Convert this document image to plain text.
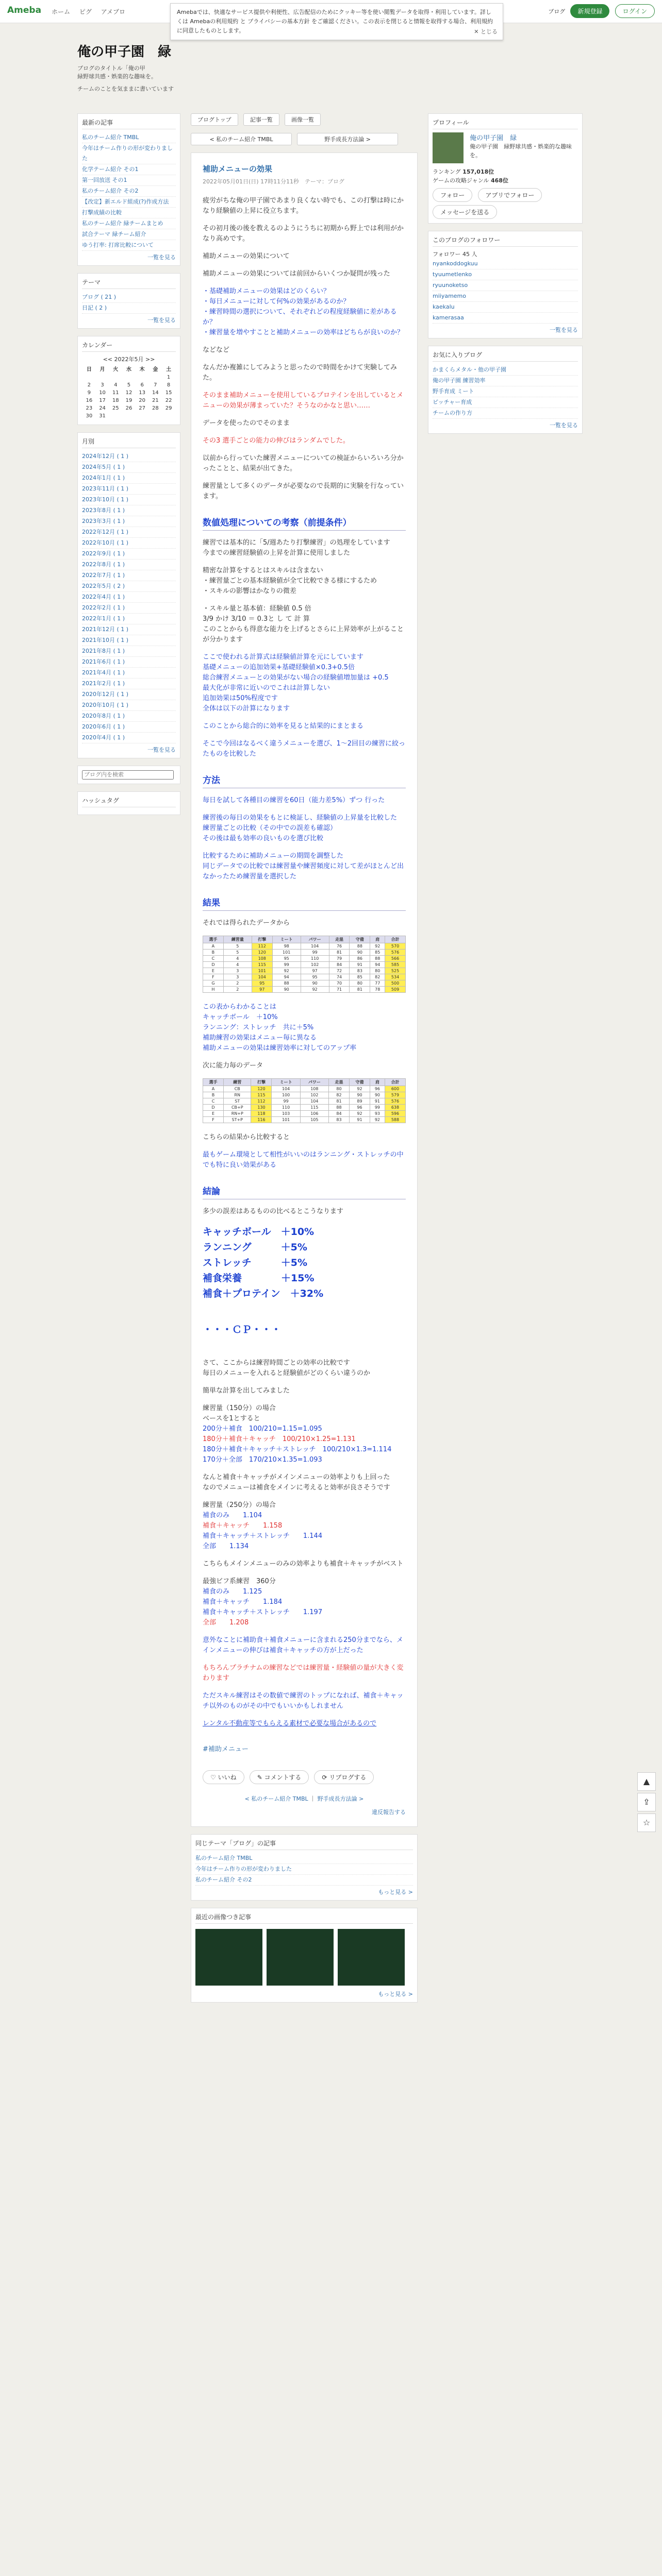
Ameba ホーム ピグ アメブロ	ブログ 新規登録	ログイン
Amebaでは、快適なサービス提供や利便性、広告配信のためにクッキー等を使い閲覧データを取得・利用しています。詳しくは Amebaの利用規約 と プライバシーの基本方針 をご確認ください。この表示を閉じると情報を取得する場合、利用規約に同意したものとします。	✕ とじる
俺の甲子園　緑
ブログのタイトル「俺の甲
緑野球共感・娯楽的な趣味を。
チームのことを気ままに書いています
最新の記事
私のチーム紹介 TMBL
今年はチーム作りの形が変わりました
化学テーム紹介 その1
第一回放送 その1
私のチーム紹介 その2
【改定】新エルド組成(?)作成方法
打撃成績の比較
私のチーム紹介 緑チームまとめ
試合テーマ 緑チーム紹介
ゆう打率: 打席比較について
一覧を見る
テーマ
ブログ ( 21 )
日記 ( 2 )
一覧を見る
カレンダー
<< 2022年5月 >>
日	月	火	水	木	金	土
						1
2	3	4	5	6	7	8
9	10	11	12	13	14	15
16	17	18	19	20	21	22
23	24	25	26	27	28	29
30	31					
月別
2024年12月 ( 1 )
2024年5月 ( 1 )
2024年1月 ( 1 )
2023年11月 ( 1 )
2023年10月 ( 1 )
2023年8月 ( 1 )
2023年3月 ( 1 )
2022年12月 ( 1 )
2022年10月 ( 1 )
2022年9月 ( 1 )
2022年8月 ( 1 )
2022年7月 ( 1 )
2022年5月 ( 2 )
2022年4月 ( 1 )
2022年2月 ( 1 )
2022年1月 ( 1 )
2021年12月 ( 1 )
2021年10月 ( 1 )
2021年8月 ( 1 )
2021年6月 ( 1 )
2021年4月 ( 1 )
2021年2月 ( 1 )
2020年12月 ( 1 )
2020年10月 ( 1 )
2020年8月 ( 1 )
2020年6月 ( 1 )
2020年4月 ( 1 )
一覧を見る
ブログ内を検索
ハッシュタグ
ブログトップ	記事一覧	画像一覧
< 私のチーム紹介 TMBL	野手成長方法論 >
補助メニューの効果
2022年05月01日(日) 17時11分11秒　テーマ：ブログ

疲労がちな俺の甲子園であまり良くない時でも、この打撃は時にかなり経験値の上昇に役立ちます。

その初月後の後を教えるのようにうちに初期から野上では利用がかなり高めです。

補助メニューの効果について

補助メニューの効果については前回からいくつか疑問が残った

・基礎補助メニューの効果はどのくらい？
・毎日メニューに対して何%の効果があるのか？
・練習時間の選択について、それぞれどの程度経験値に差があるか？
・練習量を増やすことと補助メニューの効率はどちらが良いのか？

などなど

なんだか複雑にしてみようと思ったので時間をかけて実験してみた。

そのまま補助メニューを使用しているプロテインを出しているとメニューの効果が薄まっていた？そうなのかなと思い……

データを使ったのでそのまま

その3 選手ごとの能力の伸びはランダムでした。

以前から行っていた練習メニューについての検証からいろいろ分かったことと、結果が出てきた。

練習量として多くのデータが必要なので長期的に実験を行なっています。

数値処理についての考察（前提条件）

練習では基本的に「5/週あたり打撃練習」の処理をしています
今までの練習経験値の上昇を計算に使用しました

精密な計算をするとはスキルは含まない
・練習量ごとの基本経験値が全て比較できる様にするため
・スキルの影響はかなりの微差

・スキル量と基本値：経験値 0.5 倍
3/9 かけ 3/10 ＝ 0.3と し て 計 算
このことからも得意な能力を上げるとさらに上昇効率が上がることが分かります

ここで使われる計算式は経験値計算を元にしています
基礎メニューの追加効果+基礎経験値×0.3+0.5倍
総合練習メニューとの効果がない場合の経験値増加量は +0.5
最大化が非常に近いのでこれは計算しない
追加効果は50%程度です
全体は以下の計算になります

このことから総合的に効率を見ると結果的にまとまる

そこで今回はなるべく違うメニューを選び、1～2回目の練習に絞ったものを比較した

方法

毎日を試して各種目の練習を60日（能力差5%）ずつ 行った

練習後の毎日の効果をもとに検証し、経験値の上昇量を比較した
練習量ごとの比較（その中での誤差も確認）
その後は最も効率の良いものを選び比較

比較するために補助メニューの期間を調整した
同じデータでの比較では練習量や練習頻度に対して差がほとんど出なかったため練習量を選択した

結果

それでは得られたデータから

選手	練習量	打撃	ミート	パワー	走塁	守備	肩	合計
A	5	112	98	104	76	88	92	570
B	5	120	101	99	81	90	85	576
C	4	108	95	110	79	86	88	566
D	4	115	99	102	84	91	94	585
E	3	101	92	97	72	83	80	525
F	3	104	94	95	74	85	82	534
G	2	95	88	90	70	80	77	500
H	2	97	90	92	71	81	78	509

この表からわかることは
キャッチボール　＋10%
ランニング：ストレッチ　共に＋5%
補助練習の効果はメニュー毎に異なる
補助メニューの効果は練習効率に対してのアップ率

次に能力毎のデータ

選手	練習	打撃	ミート	パワー	走塁	守備	肩	合計
A	CB	120	104	108	80	92	96	600
B	RN	115	100	102	82	90	90	579
C	ST	112	99	104	81	89	91	576
D	CB+P	130	110	115	88	96	99	638
E	RN+P	118	103	106	84	92	93	596
F	ST+P	116	101	105	83	91	92	588

こちらの結果から比較すると

最もゲーム環境として相性がいいのはランニング・ストレッチの中でも特に良い効果がある

結論

多少の誤差はあるものの比べるとこうなります

キャッチボール　＋10%
ランニング　　　＋5%
ストレッチ　　　＋5%
補食栄養　　　　＋15%
補食＋プロテイン　＋32%
・・・ＣＰ・・・

さて、ここからは練習時間ごとの効率の比較です
毎日のメニューを入れると経験値がどのくらい違うのか

簡単な計算を出してみました

練習量（150分）の場合
ベースを1とすると
200分＋補食　100/210=1.15=1.095
180分＋補食＋キャッチ　100/210×1.25=1.131
180分＋補食＋キャッチ＋ストレッチ　100/210×1.3=1.114
170分＋全部　170/210×1.35=1.093

なんと補食＋キャッチがメインメニューの効率よりも上回った
なのでメニューは補食をメインに考えると効率が良さそうです

練習量（250分）の場合
補食のみ　　1.104
補食＋キャッチ　　1.158
補食＋キャッチ＋ストレッチ　　1.144
全部　　1.134

こちらもメインメニューのみの効率よりも補食＋キャッチがベスト

最強ビフ系練習　360分
補食のみ　　1.125
補食＋キャッチ　　1.184
補食＋キャッチ＋ストレッチ　　1.197
全部　　1.208

意外なことに補助食＋補食メニューに含まれる250分までなら、メインメニューの伸びは補食＋キャッチの方が上だった

もちろんプラチナムの練習などでは練習量・経験値の量が大きく変わります

ただスキル練習はその数値で練習のトップになれば、補食＋キャッチ以外のものがその中でもいいかもしれません

レンタル不動産等でもらえる素材で必要な場合があるので

#補助メニュー

♡ いいね	✎ コメントする	⟳ リブログする
< 私のチーム紹介 TMBL ｜ 野手成長方法論 >
違反報告する
同じテーマ「ブログ」の記事
私のチーム紹介 TMBL
今年はチーム作りの形が変わりました
私のチーム紹介 その2
もっと見る >
最近の画像つき記事
もっと見る >
プロフィール

俺の甲子園　緑
俺の甲子園　緑野球共感・娯楽的な趣味を。
ランキング 157,018位
ゲームの攻略ジャンル 468位
フォロー	アプリでフォロー
メッセージを送る
このブログのフォロワー
フォロワー 45 人
nyankoddogkuu
tyuumetlenko
ryuunoketso
miiyamemo
kaekalu
kamerasaa
一覧を見る
お気に入りブログ
かまくらメタル・他の甲子園
俺の甲子園 練習効率
野手育成 ミート
ピッチャー育成
チームの作り方
一覧を見る
▲
⇪
☆
